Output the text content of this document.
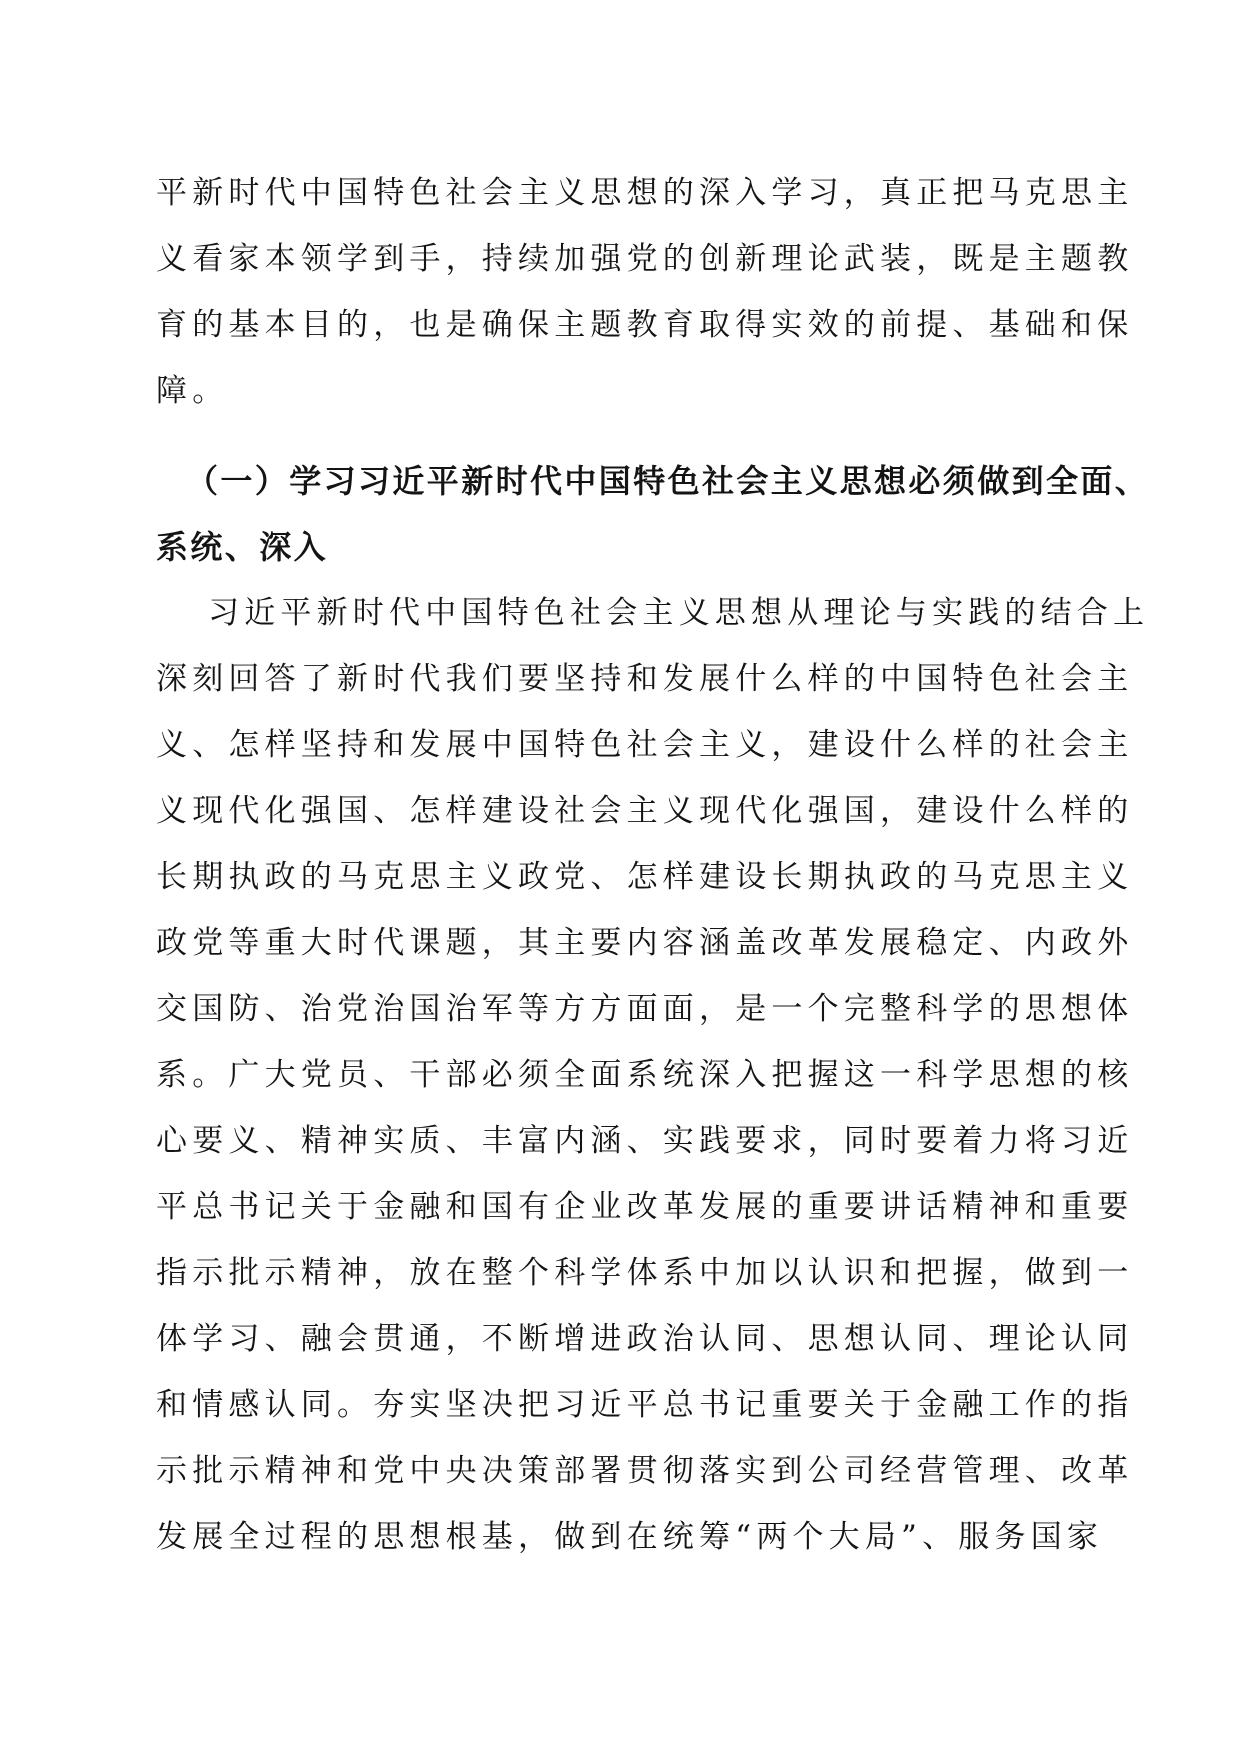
平新时代中国特色社会主义思想的深入学习，真正把马克思主
义看家本领学到手，持续加强党的创新理论武装，既是主题教
育的基本目的，也是确保主题教育取得实效的前提、基础和保
障。
（一）学习习近平新时代中国特色社会主义思想必须做到全面、
系统、深入
习近平新时代中国特色社会主义思想从理论与实践的结合上
深刻回答了新时代我们要坚持和发展什么样的中国特色社会主
义、怎样坚持和发展中国特色社会主义，建设什么样的社会主
义现代化强国、怎样建设社会主义现代化强国，建设什么样的
长期执政的马克思主义政党、怎样建设长期执政的马克思主义
政党等重大时代课题，其主要内容涵盖改革发展稳定、内政外
交国防、治党治国治军等方方面面，是一个完整科学的思想体
系。广大党员、干部必须全面系统深入把握这一科学思想的核
心要义、精神实质、丰富内涵、实践要求，同时要着力将习近
平总书记关于金融和国有企业改革发展的重要讲话精神和重要
指示批示精神，放在整个科学体系中加以认识和把握，做到一
体学习、融会贯通，不断增进政治认同、思想认同、理论认同
和情感认同。夯实坚决把习近平总书记重要关于金融工作的指
示批示精神和党中央决策部署贯彻落实到公司经营管理、改革
发展全过程的思想根基，做到在统筹“两个大局”、服务国家
